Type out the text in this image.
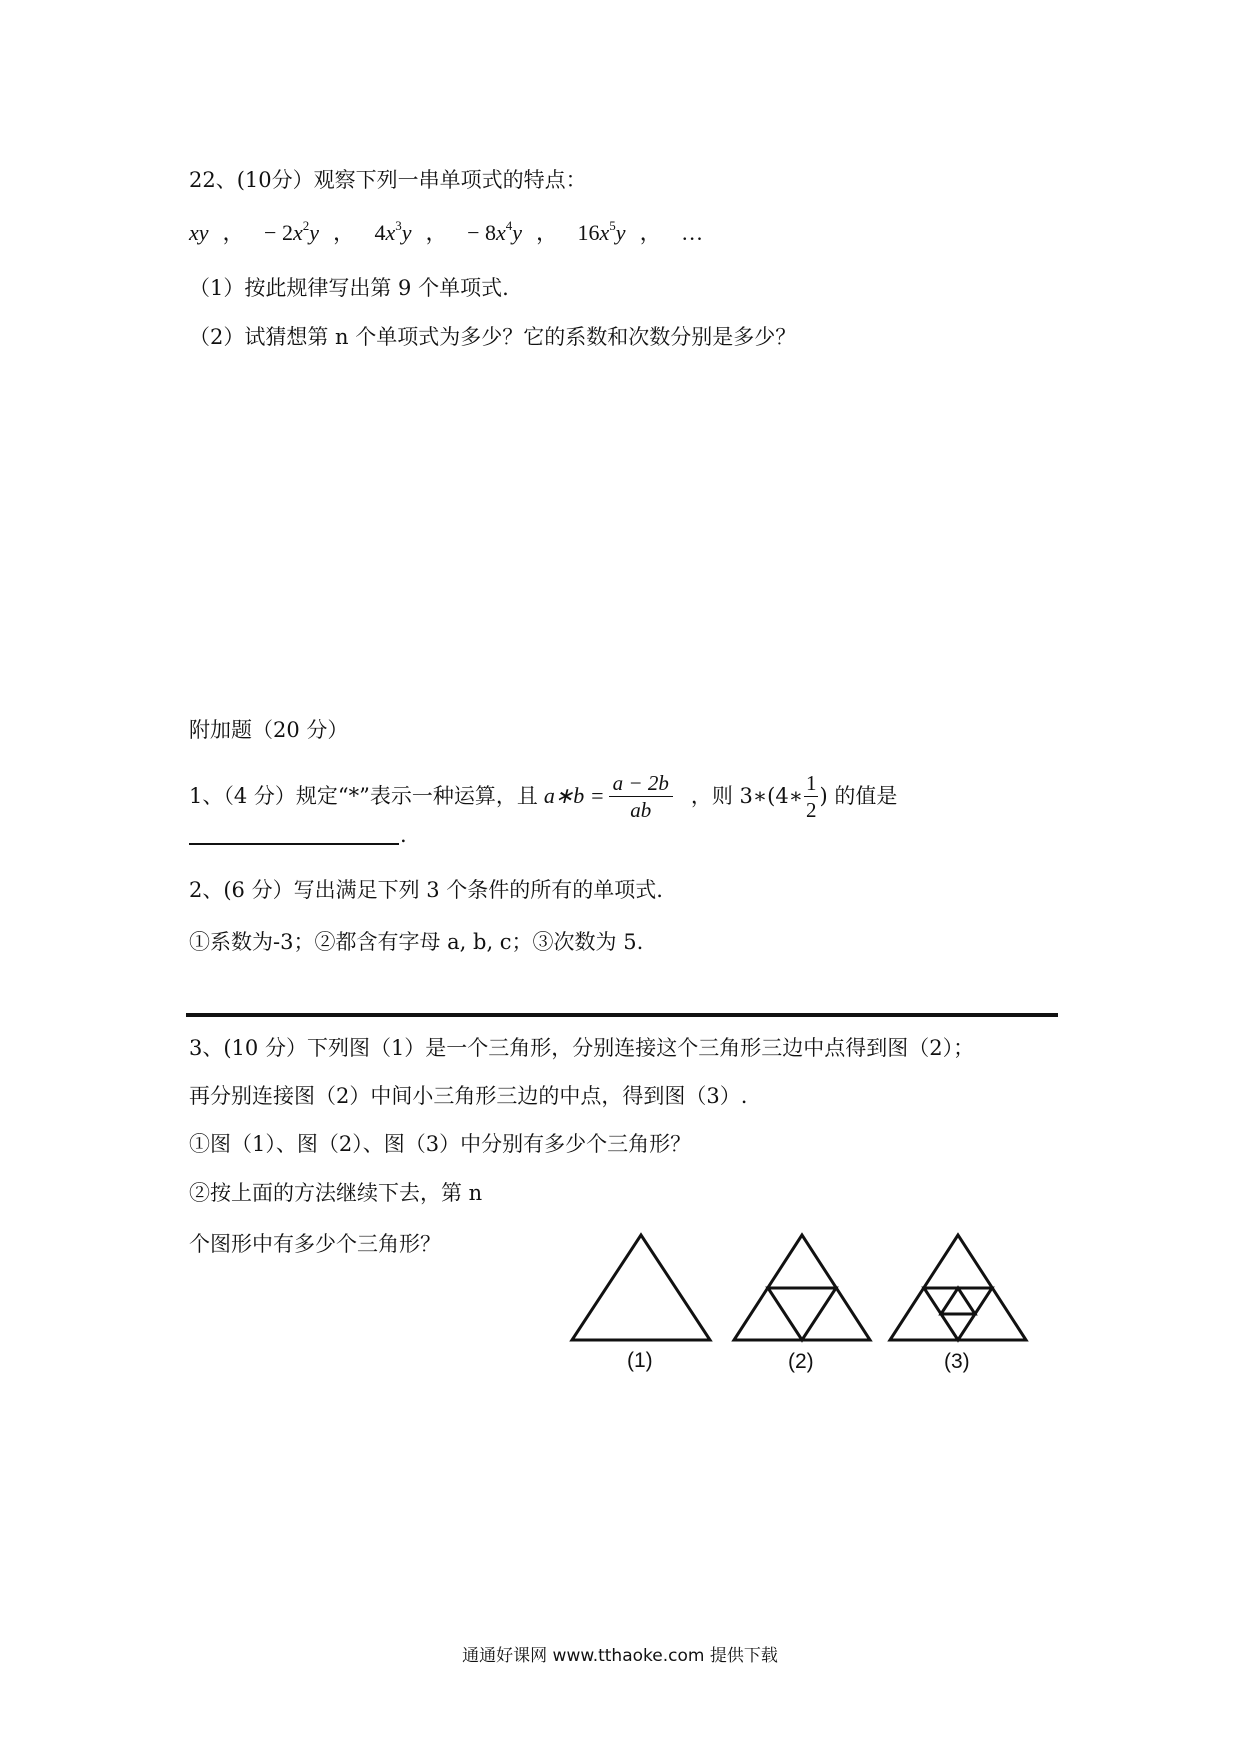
22、(10分）观察下列一串单项式的特点：
xy ， − $2x^2y$ ， $4x^3y$ ， − $8x^4y$ ， $16x^5y$ ， …
（1）按此规律写出第 9 个单项式.
（2）试猜想第 n 个单项式为多少？它的系数和次数分别是多少？
附加题（20 分）
1、（4 分）规定“*”表示一种运算，且 a∗b = $\frac{a - 2b}{ab}$ ，则 3∗(4∗ $\frac{1}{2}$ ) 的值是
.
2、(6 分）写出满足下列 3 个条件的所有的单项式.
①系数为-3；②都含有字母 a, b, c；③次数为 5.
3、(10 分）下列图（1）是一个三角形，分别连接这个三角形三边中点得到图（2）；
再分别连接图（2）中间小三角形三边的中点，得到图（3）.
①图（1）、图（2）、图（3）中分别有多少个三角形？
②按上面的方法继续下去，第 n
个图形中有多少个三角形？
(1)	(2)	(3)
通通好课网 www.tthaoke.com 提供下载
